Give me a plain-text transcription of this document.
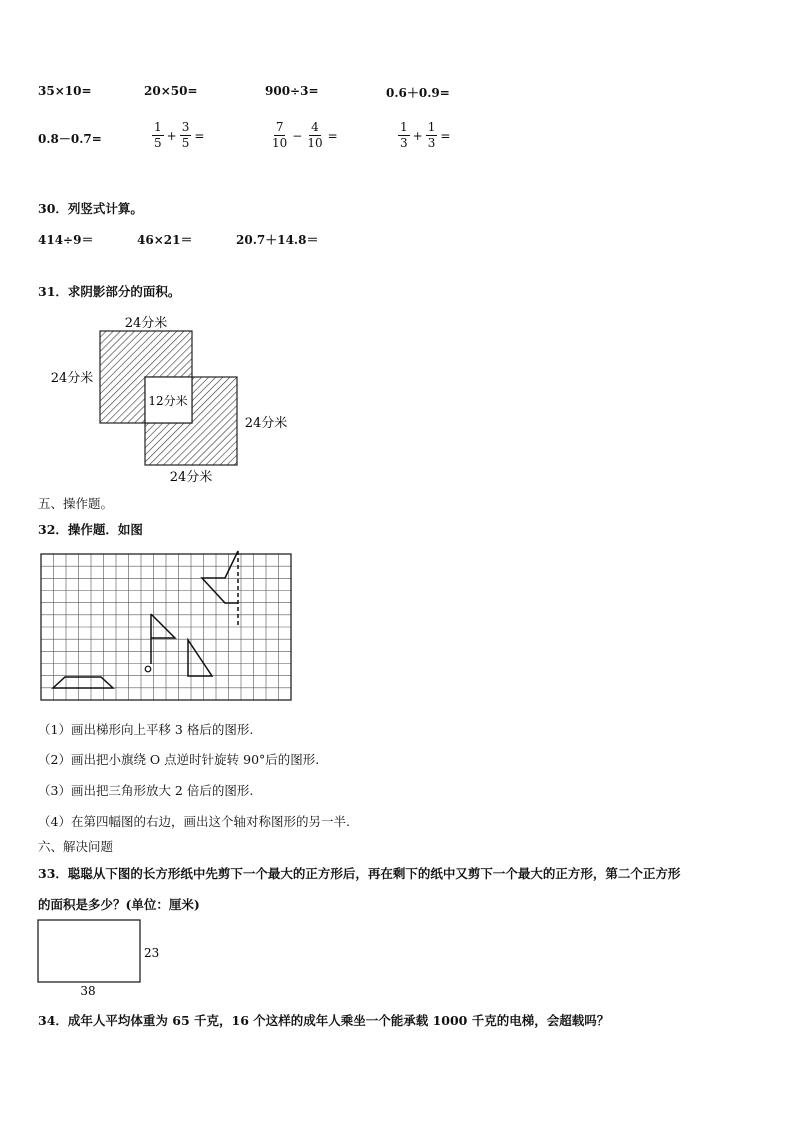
35×10=	20×50=	900÷3=	0.6＋0.9=
0.8－0.7=	$\frac{1}{5} + \frac{3}{5}$ =	$\frac{7}{10} - \frac{4}{10}$ =	$\frac{1}{3} + \frac{1}{3}$ =
30．列竖式计算。
414÷9＝	46×21＝	20.7＋14.8＝
31．求阴影部分的面积。
24分米
24分米
12分米
24分米
24分米
五、操作题。
32．操作题．如图
（1）画出梯形向上平移 3 格后的图形.
（2）画出把小旗绕 O 点逆时针旋转 90°后的图形.
（3）画出把三角形放大 2 倍后的图形.
（4）在第四幅图的右边，画出这个轴对称图形的另一半.
六、解决问题
33．聪聪从下图的长方形纸中先剪下一个最大的正方形后，再在剩下的纸中又剪下一个最大的正方形，第二个正方形
的面积是多少？(单位：厘米)
23
38
34．成年人平均体重为 65 千克，16 个这样的成年人乘坐一个能承载 1000 千克的电梯，会超载吗？
